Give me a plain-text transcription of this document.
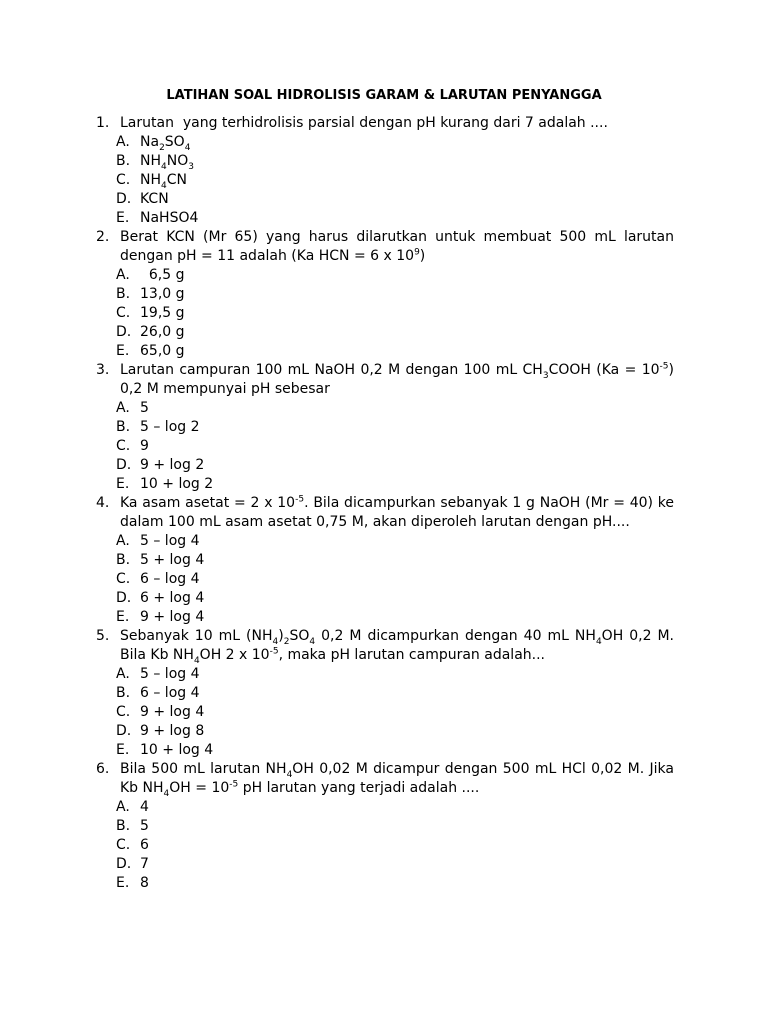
LATIHAN SOAL HIDROLISIS GARAM & LARUTAN PENYANGGA
1. Larutan  yang terhidrolisis parsial dengan pH kurang dari 7 adalah ....
A. $Na_2SO_4$
B. $NH_4NO_3$
C. $NH_4CN$
D. KCN
E. NaHSO4
2. Berat KCN (Mr 65) yang harus dilarutkan untuk membuat 500 mL larutan dengan pH = 11 adalah (Ka HCN = 6 x $10^9$)
A. 6,5 g
B. 13,0 g
C. 19,5 g
D. 26,0 g
E. 65,0 g
3. Larutan campuran 100 mL NaOH 0,2 M dengan 100 mL $CH_3COOH$ $(Ka = 10^{-5})$ 0,2 M mempunyai pH sebesar
A. 5
B. 5 – log 2
C. 9
D. 9 + log 2
E. 10 + log 2
4. Ka asam asetat = 2 x $10^{-5}$. Bila dicampurkan sebanyak 1 g NaOH (Mr = 40) ke dalam 100 mL asam asetat 0,75 M, akan diperoleh larutan dengan pH....
A. 5 – log 4
B. 5 + log 4
C. 6 – log 4
D. 6 + log 4
E. 9 + log 4
5. Sebanyak 10 mL $(NH_4)_2SO_4$ 0,2 M dicampurkan dengan 40 mL $NH_4OH$ 0,2 M. Bila Kb $NH_4OH$ 2 x $10^{-5}$, maka pH larutan campuran adalah...
A. 5 – log 4
B. 6 – log 4
C. 9 + log 4
D. 9 + log 8
E. 10 + log 4
6. Bila 500 mL larutan $NH_4OH$ 0,02 M dicampur dengan 500 mL HCl 0,02 M. Jika Kb $NH_4OH = 10^{-5}$ pH larutan yang terjadi adalah ....
A. 4
B. 5
C. 6
D. 7
E. 8
